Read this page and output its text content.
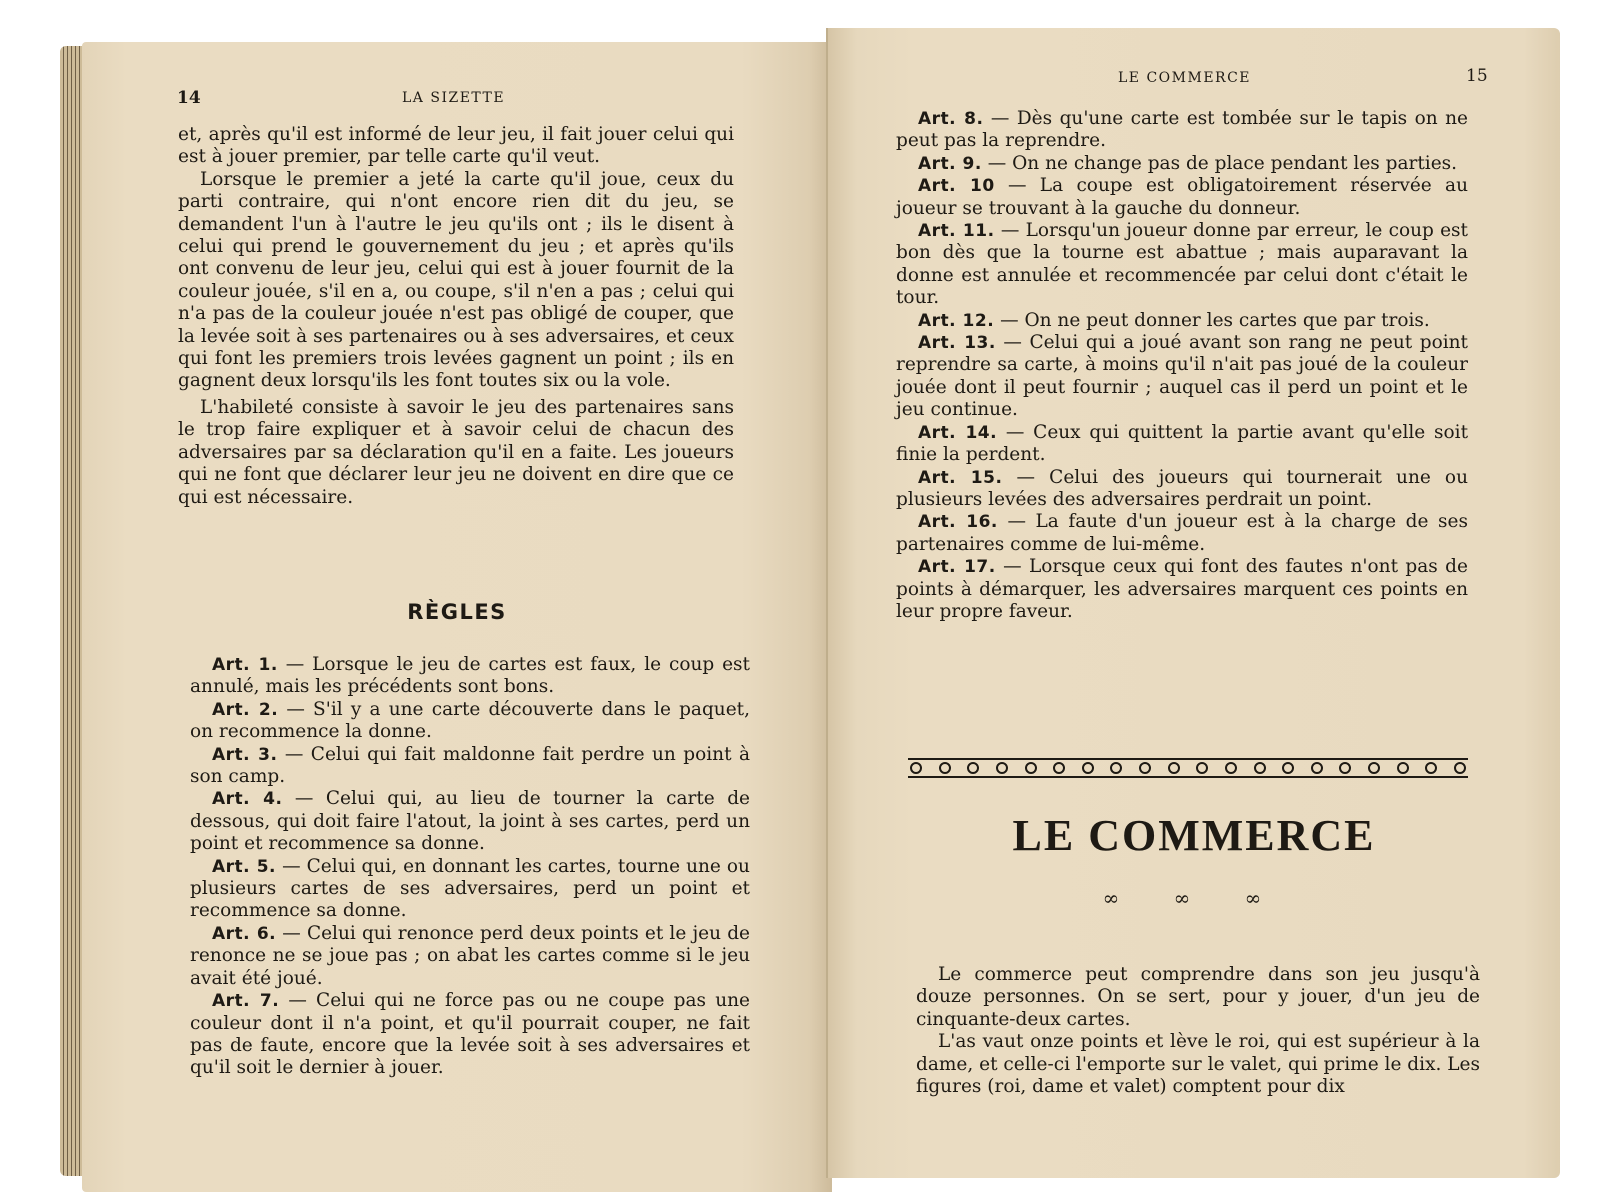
14	LA SIZETTE

et, après qu'il est informé de leur jeu, il fait jouer celui qui est à jouer premier, par telle carte qu'il veut.

Lorsque le premier a jeté la carte qu'il joue, ceux du parti contraire, qui n'ont encore rien dit du jeu, se demandent l'un à l'autre le jeu qu'ils ont ; ils le disent à celui qui prend le gouvernement du jeu ; et après qu'ils ont convenu de leur jeu, celui qui est à jouer fournit de la couleur jouée, s'il en a, ou coupe, s'il n'en a pas ; celui qui n'a pas de la couleur jouée n'est pas obligé de couper, que la levée soit à ses partenaires ou à ses adversaires, et ceux qui font les premiers trois levées gagnent un point ; ils en gagnent deux lorsqu'ils les font toutes six ou la vole.

L'habileté consiste à savoir le jeu des partenaires sans le trop faire expliquer et à savoir celui de chacun des adversaires par sa déclaration qu'il en a faite. Les joueurs qui ne font que déclarer leur jeu ne doivent en dire que ce qui est nécessaire.

RÈGLES

Art. 1. — Lorsque le jeu de cartes est faux, le coup est annulé, mais les précédents sont bons.

Art. 2. — S'il y a une carte découverte dans le paquet, on recommence la donne.

Art. 3. — Celui qui fait maldonne fait perdre un point à son camp.

Art. 4. — Celui qui, au lieu de tourner la carte de dessous, qui doit faire l'atout, la joint à ses cartes, perd un point et recommence sa donne.

Art. 5. — Celui qui, en donnant les cartes, tourne une ou plusieurs cartes de ses adversaires, perd un point et recommence sa donne.

Art. 6. — Celui qui renonce perd deux points et le jeu de renonce ne se joue pas ; on abat les cartes comme si le jeu avait été joué.

Art. 7. — Celui qui ne force pas ou ne coupe pas une couleur dont il n'a point, et qu'il pourrait couper, ne fait pas de faute, encore que la levée soit à ses adversaires et qu'il soit le dernier à jouer.

LE COMMERCE	15

Art. 8. — Dès qu'une carte est tombée sur le tapis on ne peut pas la reprendre.

Art. 9. — On ne change pas de place pendant les parties.

Art. 10 — La coupe est obligatoirement réservée au joueur se trouvant à la gauche du donneur.

Art. 11. — Lorsqu'un joueur donne par erreur, le coup est bon dès que la tourne est abattue ; mais auparavant la donne est annulée et recommencée par celui dont c'était le tour.

Art. 12. — On ne peut donner les cartes que par trois.

Art. 13. — Celui qui a joué avant son rang ne peut point reprendre sa carte, à moins qu'il n'ait pas joué de la couleur jouée dont il peut fournir ; auquel cas il perd un point et le jeu continue.

Art. 14. — Ceux qui quittent la partie avant qu'elle soit finie la perdent.

Art. 15. — Celui des joueurs qui tournerait une ou plusieurs levées des adversaires perdrait un point.

Art. 16. — La faute d'un joueur est à la charge de ses partenaires comme de lui-même.

Art. 17. — Lorsque ceux qui font des fautes n'ont pas de points à démarquer, les adversaires marquent ces points en leur propre faveur.

LE COMMERCE
∞ ∞ ∞

Le commerce peut comprendre dans son jeu jusqu'à douze personnes. On se sert, pour y jouer, d'un jeu de cinquante-deux cartes.

L'as vaut onze points et lève le roi, qui est supérieur à la dame, et celle-ci l'emporte sur le valet, qui prime le dix. Les figures (roi, dame et valet) comptent pour dix
